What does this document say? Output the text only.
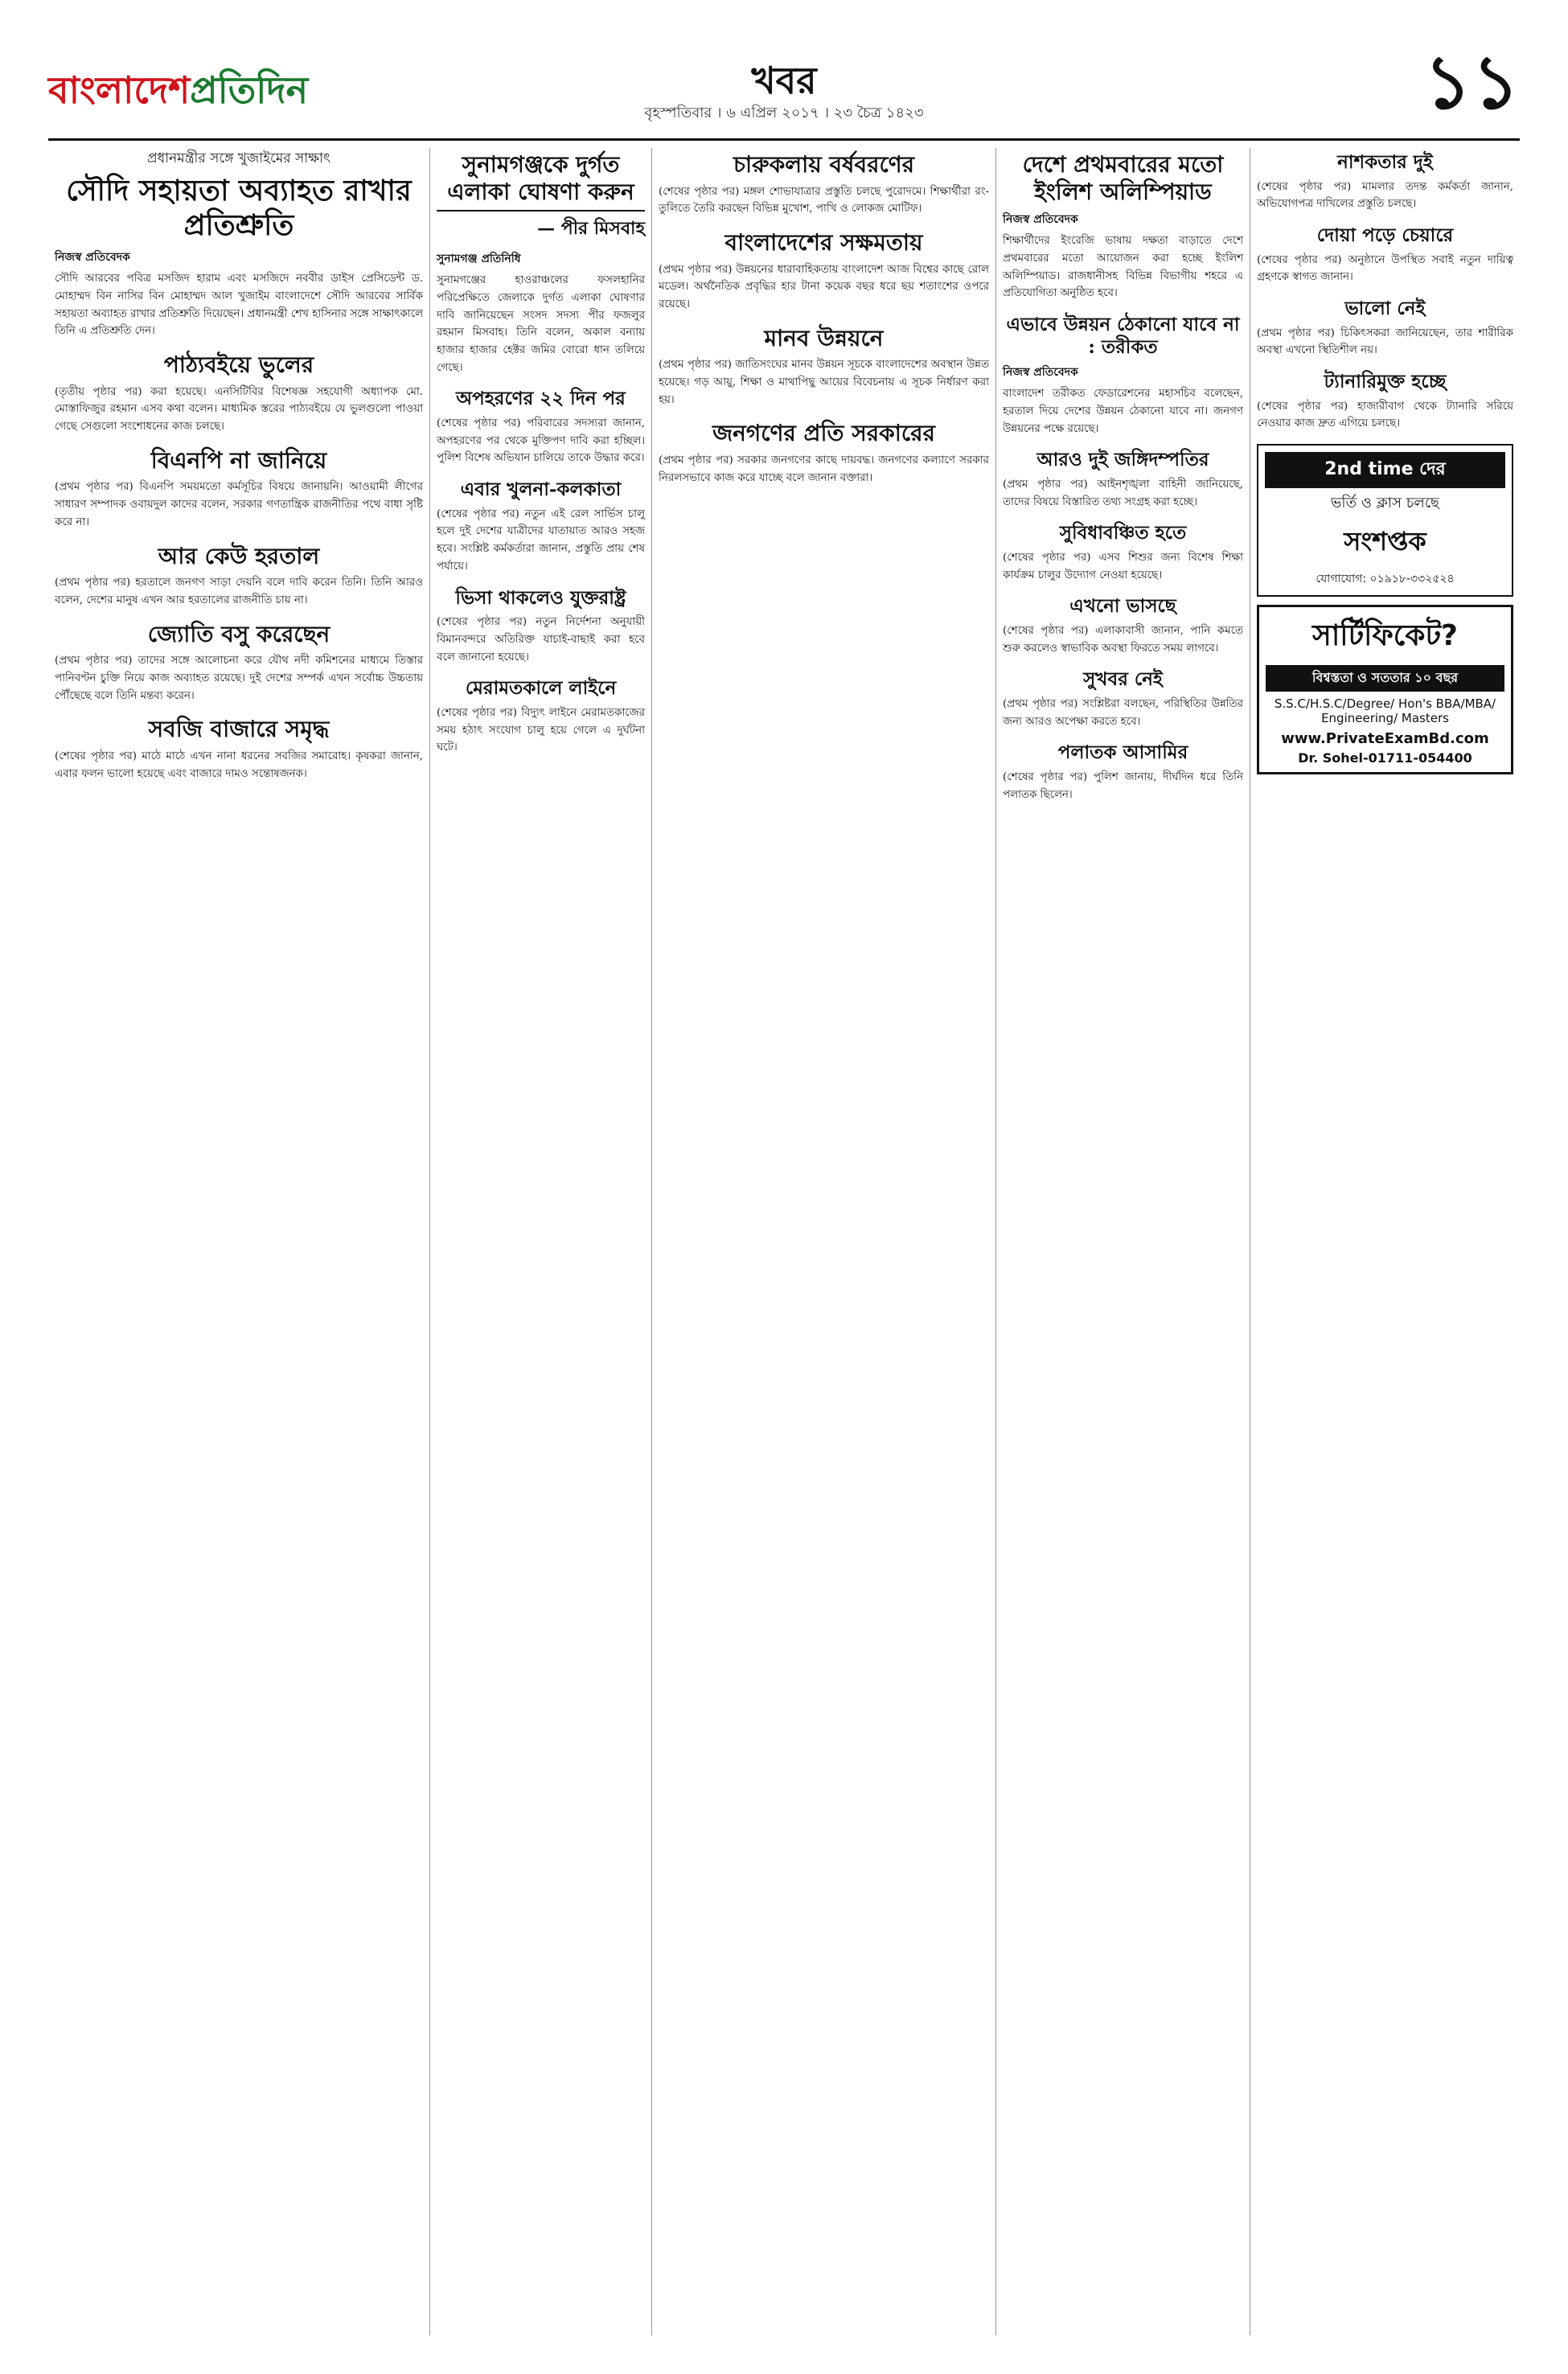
বাংলাদেশপ্রতিদিন	খবর
বৃহস্পতিবার । ৬ এপ্রিল ২০১৭ । ২৩ চৈত্র ১৪২৩	১১
প্রধানমন্ত্রীর সঙ্গে খুজাইমের সাক্ষাৎ
সৌদি সহায়তা অব্যাহত রাখার প্রতিশ্রুতি
নিজস্ব প্রতিবেদক

সৌদি আরবের পবিত্র মসজিদ হারাম এবং মসজিদে নববীর ডাইস প্রেসিডেন্ট ড. মোহাম্মদ বিন নাসির বিন মোহাম্মদ আল খুজাইম বাংলাদেশে সৌদি আরবের সার্বিক সহায়তা অব্যাহত রাখার প্রতিশ্রুতি দিয়েছেন। প্রধানমন্ত্রী শেখ হাসিনার সঙ্গে সাক্ষাৎকালে তিনি এ প্রতিশ্রুতি দেন।

পাঠ্যবইয়ে ভুলের

(তৃতীয় পৃষ্ঠার পর) করা হয়েছে। এনসিটিবির বিশেষজ্ঞ সহযোগী অধ্যাপক মো. মোস্তাফিজুর রহমান এসব কথা বলেন। মাধ্যমিক স্তরের পাঠ্যবইয়ে যে ভুলগুলো পাওয়া গেছে সেগুলো সংশোধনের কাজ চলছে।

বিএনপি না জানিয়ে

(প্রথম পৃষ্ঠার পর) বিএনপি সময়মতো কর্মসূচির বিষয়ে জানায়নি। আওয়ামী লীগের সাধারণ সম্পাদক ওবায়দুল কাদের বলেন, সরকার গণতান্ত্রিক রাজনীতির পথে বাধা সৃষ্টি করে না।

আর কেউ হরতাল

(প্রথম পৃষ্ঠার পর) হরতালে জনগণ সাড়া দেয়নি বলে দাবি করেন তিনি। তিনি আরও বলেন, দেশের মানুষ এখন আর হরতালের রাজনীতি চায় না।

জ্যোতি বসু করেছেন

(প্রথম পৃষ্ঠার পর) তাদের সঙ্গে আলোচনা করে যৌথ নদী কমিশনের মাধ্যমে তিস্তার পানিবণ্টন চুক্তি নিয়ে কাজ অব্যাহত রয়েছে। দুই দেশের সম্পর্ক এখন সর্বোচ্চ উচ্চতায় পৌঁছেছে বলে তিনি মন্তব্য করেন।

সবজি বাজারে সমৃদ্ধ

(শেষের পৃষ্ঠার পর) মাঠে মাঠে এখন নানা ধরনের সবজির সমারোহ। কৃষকরা জানান, এবার ফলন ভালো হয়েছে এবং বাজারে দামও সন্তোষজনক।

সুনামগঞ্জকে দুর্গত এলাকা ঘোষণা করুন
— পীর মিসবাহ
সুনামগঞ্জ প্রতিনিধি

সুনামগঞ্জের হাওরাঞ্চলের ফসলহানির পরিপ্রেক্ষিতে জেলাকে দুর্গত এলাকা ঘোষণার দাবি জানিয়েছেন সংসদ সদস্য পীর ফজলুর রহমান মিসবাহ। তিনি বলেন, অকাল বন্যায় হাজার হাজার হেক্টর জমির বোরো ধান তলিয়ে গেছে।

অপহরণের ২২ দিন পর

(শেষের পৃষ্ঠার পর) পরিবারের সদস্যরা জানান, অপহরণের পর থেকে মুক্তিপণ দাবি করা হচ্ছিল। পুলিশ বিশেষ অভিযান চালিয়ে তাকে উদ্ধার করে।

এবার খুলনা-কলকাতা

(শেষের পৃষ্ঠার পর) নতুন এই রেল সার্ভিস চালু হলে দুই দেশের যাত্রীদের যাতায়াত আরও সহজ হবে। সংশ্লিষ্ট কর্মকর্তারা জানান, প্রস্তুতি প্রায় শেষ পর্যায়ে।

ভিসা থাকলেও যুক্তরাষ্ট্র

(শেষের পৃষ্ঠার পর) নতুন নির্দেশনা অনুযায়ী বিমানবন্দরে অতিরিক্ত যাচাই-বাছাই করা হবে বলে জানানো হয়েছে।

মেরামতকালে লাইনে

(শেষের পৃষ্ঠার পর) বিদ্যুৎ লাইনে মেরামতকাজের সময় হঠাৎ সংযোগ চালু হয়ে গেলে এ দুর্ঘটনা ঘটে।

চারুকলায় বর্ষবরণের

(শেষের পৃষ্ঠার পর) মঙ্গল শোভাযাত্রার প্রস্তুতি চলছে পুরোদমে। শিক্ষার্থীরা রং-তুলিতে তৈরি করছেন বিভিন্ন মুখোশ, পাখি ও লোকজ মোটিফ।

বাংলাদেশের সক্ষমতায়

(প্রথম পৃষ্ঠার পর) উন্নয়নের ধারাবাহিকতায় বাংলাদেশ আজ বিশ্বের কাছে রোল মডেল। অর্থনৈতিক প্রবৃদ্ধির হার টানা কয়েক বছর ধরে ছয় শতাংশের ওপরে রয়েছে।

মানব উন্নয়নে

(প্রথম পৃষ্ঠার পর) জাতিসংঘের মানব উন্নয়ন সূচকে বাংলাদেশের অবস্থান উন্নত হয়েছে। গড় আয়ু, শিক্ষা ও মাথাপিছু আয়ের বিবেচনায় এ সূচক নির্ধারণ করা হয়।

জনগণের প্রতি সরকারের

(প্রথম পৃষ্ঠার পর) সরকার জনগণের কাছে দায়বদ্ধ। জনগণের কল্যাণে সরকার নিরলসভাবে কাজ করে যাচ্ছে বলে জানান বক্তারা।

দেশে প্রথমবারের মতো ইংলিশ অলিম্পিয়াড
নিজস্ব প্রতিবেদক

শিক্ষার্থীদের ইংরেজি ভাষায় দক্ষতা বাড়াতে দেশে প্রথমবারের মতো আয়োজন করা হচ্ছে ইংলিশ অলিম্পিয়াড। রাজধানীসহ বিভিন্ন বিভাগীয় শহরে এ প্রতিযোগিতা অনুষ্ঠিত হবে।

এভাবে উন্নয়ন ঠেকানো যাবে না : তরীকত
নিজস্ব প্রতিবেদক

বাংলাদেশ তরীকত ফেডারেশনের মহাসচিব বলেছেন, হরতাল দিয়ে দেশের উন্নয়ন ঠেকানো যাবে না। জনগণ উন্নয়নের পক্ষে রয়েছে।

আরও দুই জঙ্গিদম্পতির

(প্রথম পৃষ্ঠার পর) আইনশৃঙ্খলা বাহিনী জানিয়েছে, তাদের বিষয়ে বিস্তারিত তথ্য সংগ্রহ করা হচ্ছে।

সুবিধাবঞ্চিত হতে

(শেষের পৃষ্ঠার পর) এসব শিশুর জন্য বিশেষ শিক্ষা কার্যক্রম চালুর উদ্যোগ নেওয়া হয়েছে।

এখনো ভাসছে

(শেষের পৃষ্ঠার পর) এলাকাবাসী জানান, পানি কমতে শুরু করলেও স্বাভাবিক অবস্থা ফিরতে সময় লাগবে।

সুখবর নেই

(প্রথম পৃষ্ঠার পর) সংশ্লিষ্টরা বলছেন, পরিস্থিতির উন্নতির জন্য আরও অপেক্ষা করতে হবে।

পলাতক আসামির

(শেষের পৃষ্ঠার পর) পুলিশ জানায়, দীর্ঘদিন ধরে তিনি পলাতক ছিলেন।

নাশকতার দুই

(শেষের পৃষ্ঠার পর) মামলার তদন্ত কর্মকর্তা জানান, অভিযোগপত্র দাখিলের প্রস্তুতি চলছে।

দোয়া পড়ে চেয়ারে

(শেষের পৃষ্ঠার পর) অনুষ্ঠানে উপস্থিত সবাই নতুন দায়িত্ব গ্রহণকে স্বাগত জানান।

ভালো নেই

(প্রথম পৃষ্ঠার পর) চিকিৎসকরা জানিয়েছেন, তার শারীরিক অবস্থা এখনো স্থিতিশীল নয়।

ট্যানারিমুক্ত হচ্ছে

(শেষের পৃষ্ঠার পর) হাজারীবাগ থেকে ট্যানারি সরিয়ে নেওয়ার কাজ দ্রুত এগিয়ে চলছে।

2nd time দের
ভর্তি ও ক্লাস চলছে
সংশপ্তক
যোগাযোগ: ০১৯১৮-৩৩২৫২৪
সার্টিফিকেট?
বিশ্বস্ততা ও সততার ১০ বছর
S.S.C/H.S.C/Degree/ Hon's BBA/MBA/ Engineering/ Masters
www.PrivateExamBd.com
Dr. Sohel-01711-054400
